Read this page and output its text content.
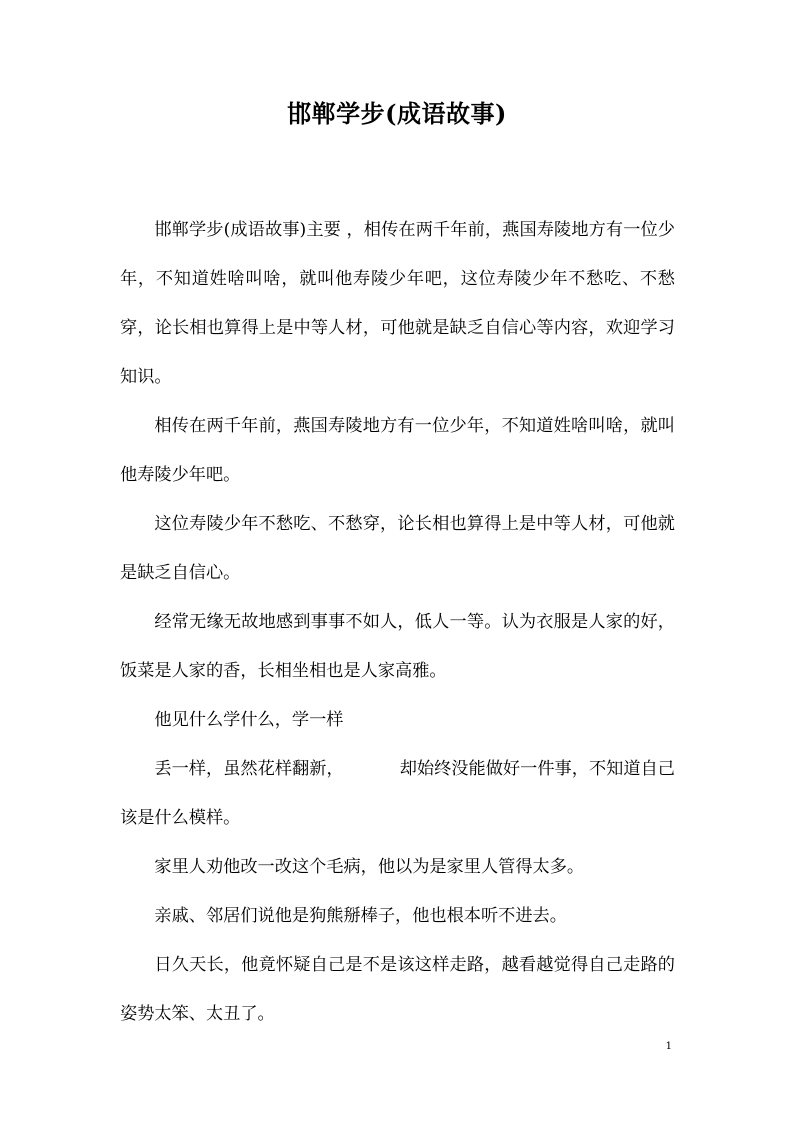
邯郸学步(成语故事)

邯郸学步(成语故事)主要 ，相传在两千年前，燕国寿陵地方有一位少年，不知道姓啥叫啥，就叫他寿陵少年吧，这位寿陵少年不愁吃、不愁穿，论长相也算得上是中等人材，可他就是缺乏自信心等内容，欢迎学习知识。

相传在两千年前，燕国寿陵地方有一位少年，不知道姓啥叫啥，就叫他寿陵少年吧。

这位寿陵少年不愁吃、不愁穿，论长相也算得上是中等人材，可他就是缺乏自信心。

经常无缘无故地感到事事不如人，低人一等。认为衣服是人家的好，饭菜是人家的香，长相坐相也是人家高雅。

他见什么学什么，学一样

丢一样，虽然花样翻新，	却始终没能做好一件事，不知道自己该是什么模样。

家里人劝他改一改这个毛病，他以为是家里人管得太多。

亲戚、邻居们说他是狗熊掰棒子，他也根本听不进去。

日久天长，他竟怀疑自己是不是该这样走路，越看越觉得自己走路的姿势太笨、太丑了。

1
